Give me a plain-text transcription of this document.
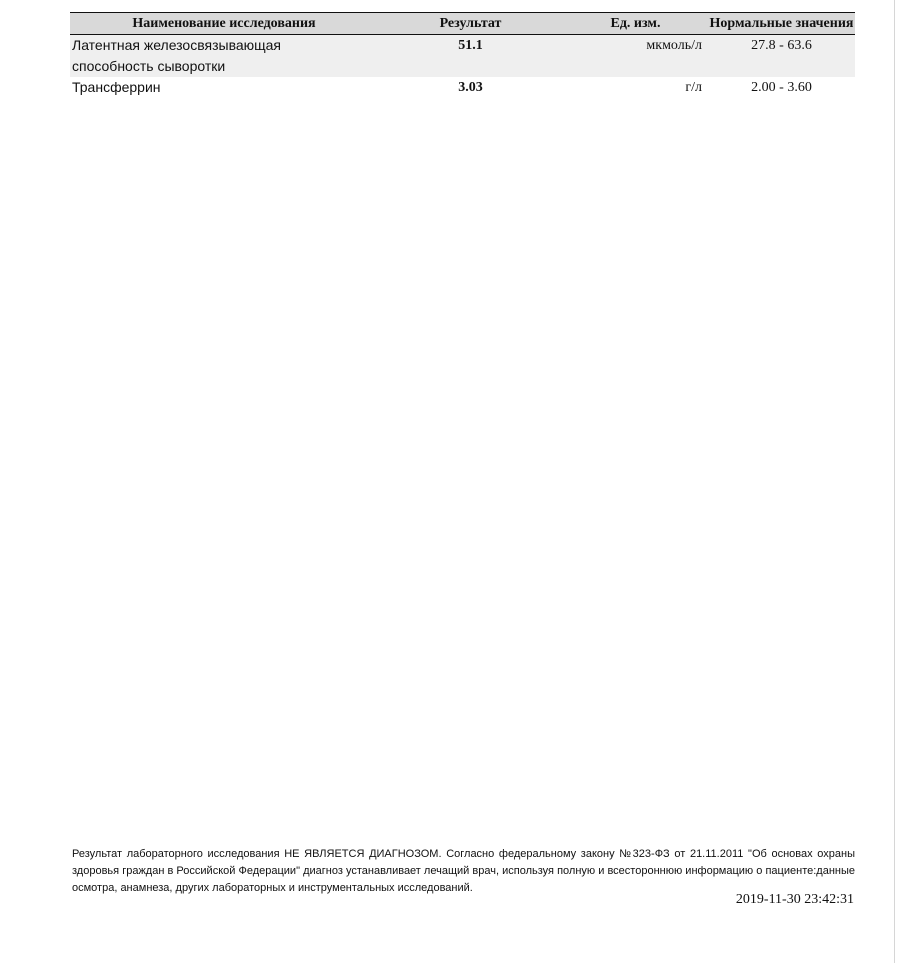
Наименование исследования	Результат	Ед. изм.	Нормальные значения

Латентная железосвязывающая
способность сыворотки	51.1	мкмоль/л	27.8 - 63.6

Трансферрин	3.03	г/л	2.00 - 3.60

Результат лабораторного исследования НЕ ЯВЛЯЕТСЯ ДИАГНОЗОМ. Согласно федеральному закону №323-ФЗ от 21.11.2011 "Об основах охраны здоровья граждан в Российской Федерации" диагноз устанавливает лечащий врач, используя полную и всестороннюю информацию о пациенте:данные осмотра, анамнеза, других лабораторных и инструментальных исследований.

2019-11-30 23:42:31
